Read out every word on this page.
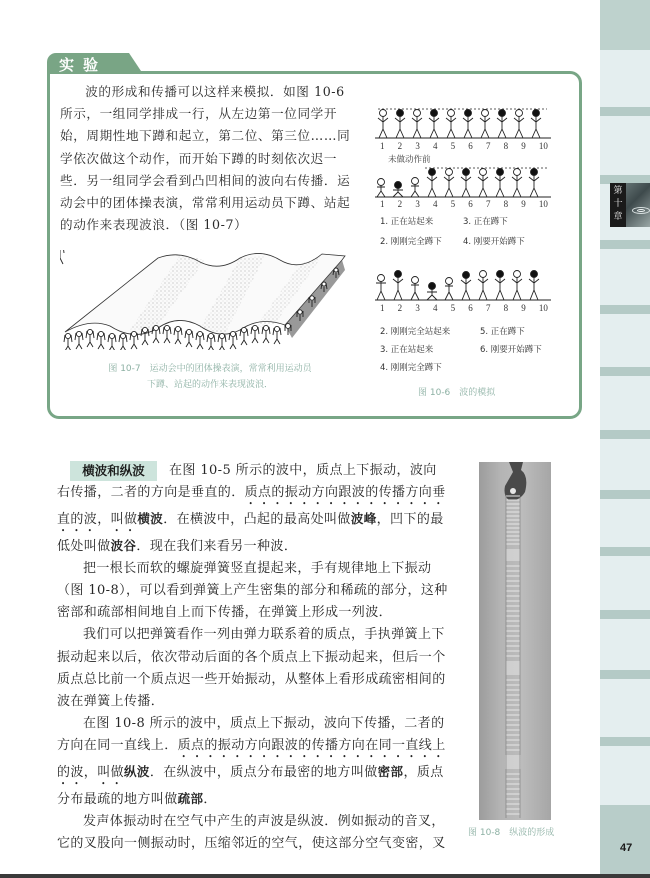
第
十
章
47
实验

波的形成和传播可以这样来模拟．如图 10-6 所示，一组同学排成一行，从左边第一位同学开始，周期性地下蹲和起立，第二位、第三位……同学依次做这个动作，而开始下蹲的时刻依次迟一些．另一组同学会看到凸凹相间的波向右传播．运动会中的团体操表演，常常利用运动员下蹲、站起的动作来表现波浪．（图 10-7）

图 10-7　运动会中的团体操表演，常常利用运动员
下蹲、站起的动作来表现波浪．
1 2 3 4 5 6 7 8 9 10
未做动作前
1 2 3 4 5 6 7 8 9 10
1. 正在站起来	3. 正在蹲下
2. 刚刚完全蹲下 4. 刚要开始蹲下
1 2 3 4 5 6 7 8 9 10
2. 刚刚完全站起来	5. 正在蹲下
3. 正在站起来	6. 刚要开始蹲下
4. 刚刚完全蹲下
图 10-6　波的模拟
横波和纵波	在图 10-5 所示的波中，质点上下振动，波向右传播，二者的方向是垂直的．质点的振动方向跟波的传播方向垂直的波，叫做横波．在横波中，凸起的最高处叫做波峰，凹下的最低处叫做波谷．现在我们来看另一种波．

把一根长而软的螺旋弹簧竖直提起来，手有规律地上下振动（图 10-8），可以看到弹簧上产生密集的部分和稀疏的部分，这种密部和疏部相间地自上而下传播，在弹簧上形成一列波．

我们可以把弹簧看作一列由弹力联系着的质点，手执弹簧上下振动起来以后，依次带动后面的各个质点上下振动起来，但后一个质点总比前一个质点迟一些开始振动，从整体上看形成疏密相间的波在弹簧上传播．

在图 10-8 所示的波中，质点上下振动，波向下传播，二者的方向在同一直线上．质点的振动方向跟波的传播方向在同一直线上的波，叫做纵波．在纵波中，质点分布最密的地方叫做密部，质点分布最疏的地方叫做疏部．

发声体振动时在空气中产生的声波是纵波．例如振动的音叉，它的叉股向一侧振动时，压缩邻近的空气，使这部分空气变密，叉

图 10-8　纵波的形成
